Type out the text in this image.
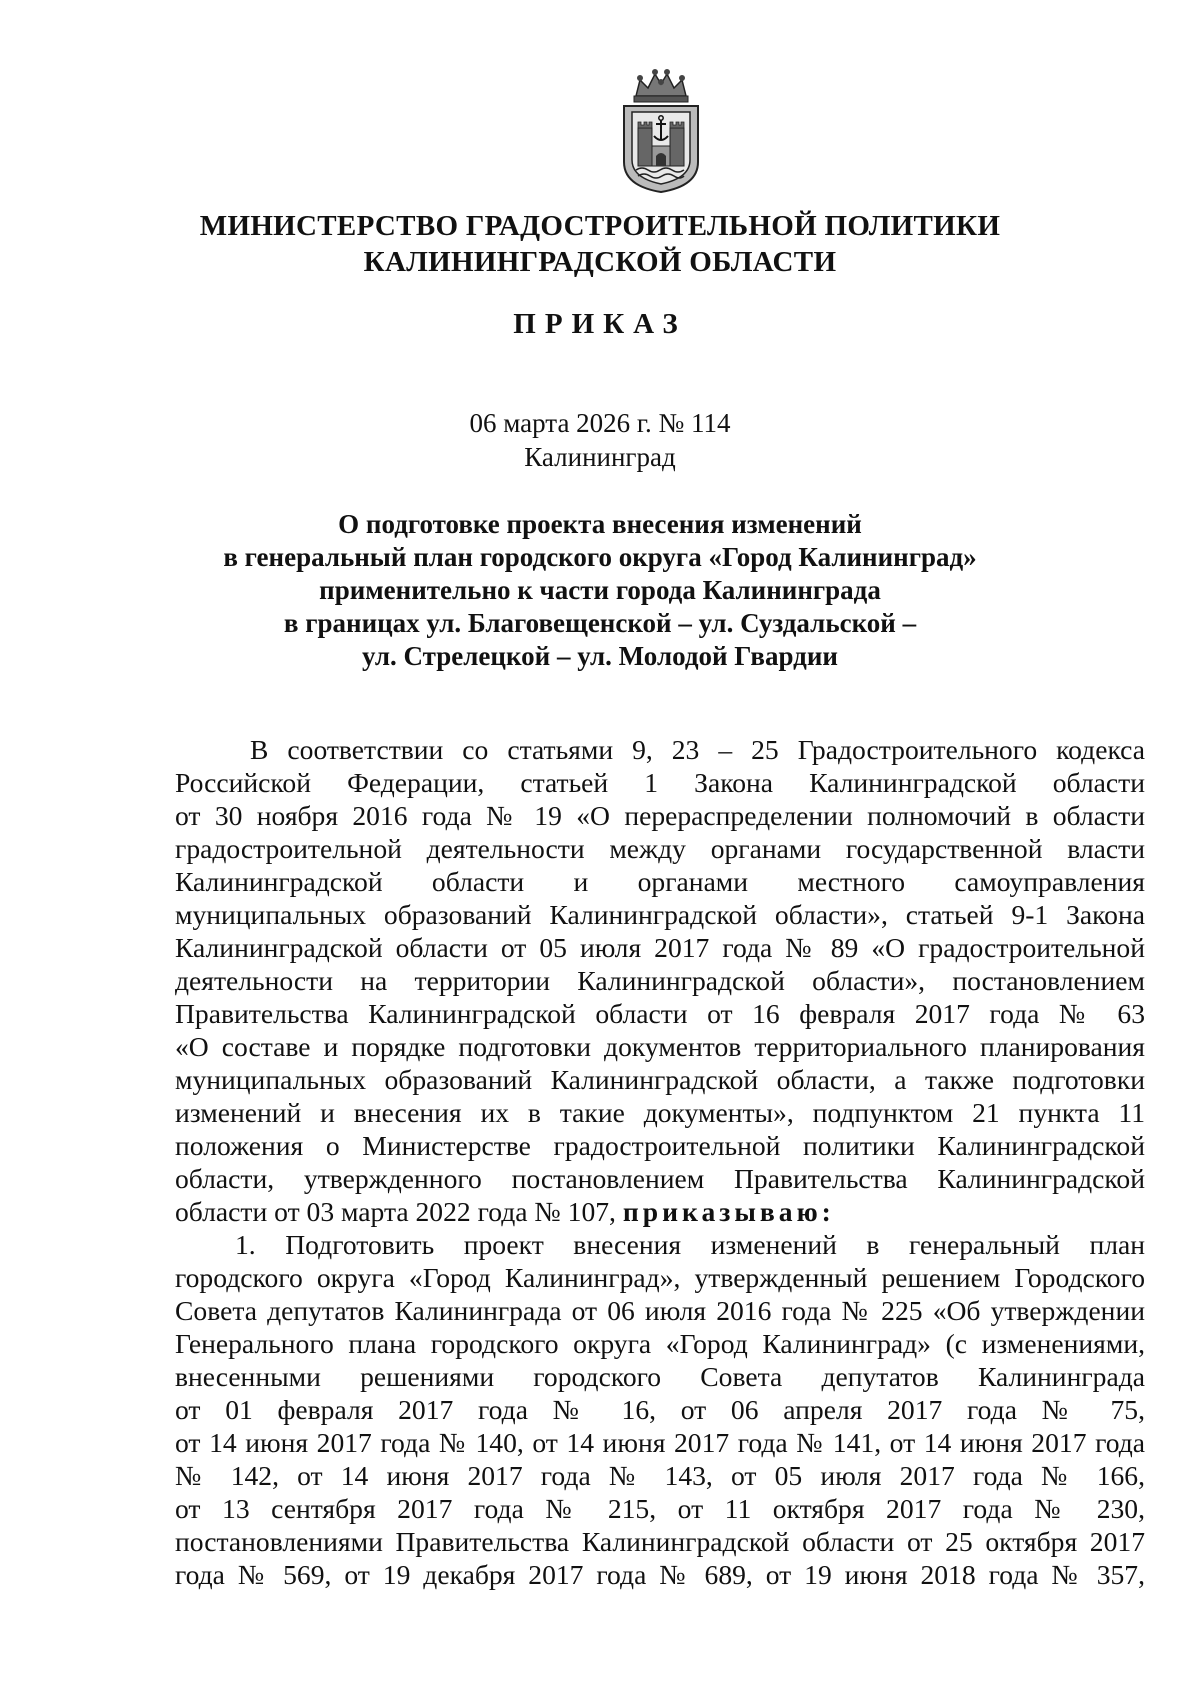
МИНИСТЕРСТВО ГРАДОСТРОИТЕЛЬНОЙ ПОЛИТИКИ
КАЛИНИНГРАДСКОЙ ОБЛАСТИ
ПРИКАЗ
06 марта 2026 г. № 114
Калининград
О подготовке проекта внесения изменений
в генеральный план городского округа «Город Калининград»
применительно к части города Калининграда
в границах ул. Благовещенской – ул. Суздальской –
ул. Стрелецкой – ул. Молодой Гвардии
В соответствии со статьями 9, 23 – 25 Градостроительного кодекса
Российской Федерации, статьей 1 Закона Калининградской области
от 30 ноября 2016 года № 19 «О перераспределении полномочий в области
градостроительной деятельности между органами государственной власти
Калининградской области и органами местного самоуправления
муниципальных образований Калининградской области», статьей 9-1 Закона
Калининградской области от 05 июля 2017 года № 89 «О градостроительной
деятельности на территории Калининградской области», постановлением
Правительства Калининградской области от 16 февраля 2017 года № 63
«О составе и порядке подготовки документов территориального планирования
муниципальных образований Калининградской области, а также подготовки
изменений и внесения их в такие документы», подпунктом 21 пункта 11
положения о Министерстве градостроительной политики Калининградской
области, утвержденного постановлением Правительства Калининградской
области от 03 марта 2022 года № 107, приказываю:
1. Подготовить проект внесения изменений в генеральный план
городского округа «Город Калининград», утвержденный решением Городского
Совета депутатов Калининграда от 06 июля 2016 года № 225 «Об утверждении
Генерального плана городского округа «Город Калининград» (с изменениями,
внесенными решениями городского Совета депутатов Калининграда
от 01 февраля 2017 года № 16, от 06 апреля 2017 года № 75,
от 14 июня 2017 года № 140, от 14 июня 2017 года № 141, от 14 июня 2017 года
№ 142, от 14 июня 2017 года № 143, от 05 июля 2017 года № 166,
от 13 сентября 2017 года № 215, от 11 октября 2017 года № 230,
постановлениями Правительства Калининградской области от 25 октября 2017
года № 569, от 19 декабря 2017 года № 689, от 19 июня 2018 года № 357,
